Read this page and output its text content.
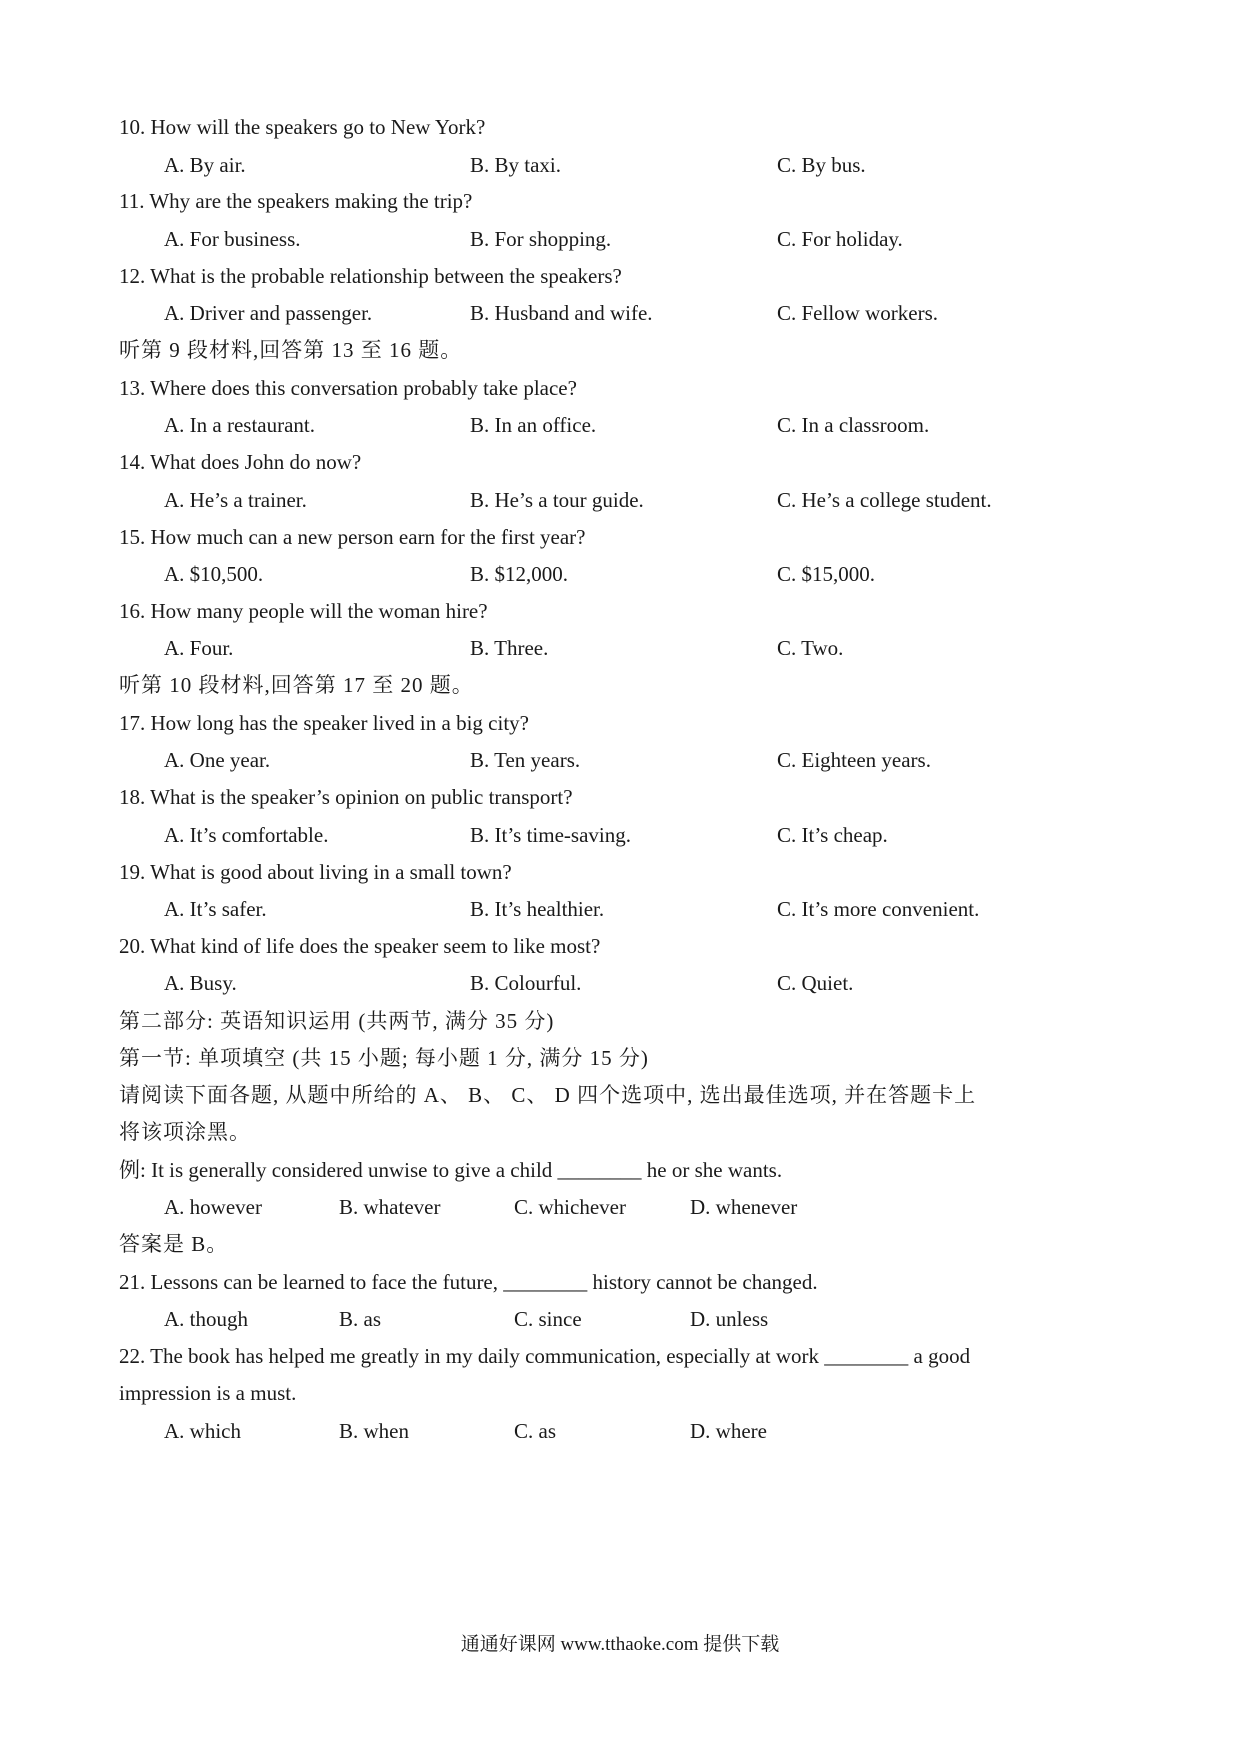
10. How will the speakers go to New York?
A. By air.	B. By taxi.	C. By bus.
11. Why are the speakers making the trip?
A. For business.	B. For shopping.	C. For holiday.
12. What is the probable relationship between the speakers?
A. Driver and passenger.	B. Husband and wife.	C. Fellow workers.
听第 9 段材料,回答第 13 至 16 题。
13. Where does this conversation probably take place?
A. In a restaurant.	B. In an office.	C. In a classroom.
14. What does John do now?
A. He’s a trainer.	B. He’s a tour guide.	C. He’s a college student.
15. How much can a new person earn for the first year?
A. $10,500.	B. $12,000.	C. $15,000.
16. How many people will the woman hire?
A. Four.	B. Three.	C. Two.
听第 10 段材料,回答第 17 至 20 题。
17. How long has the speaker lived in a big city?
A. One year.	B. Ten years.	C. Eighteen years.
18. What is the speaker’s opinion on public transport?
A. It’s comfortable.	B. It’s time-saving.	C. It’s cheap.
19. What is good about living in a small town?
A. It’s safer.	B. It’s healthier.	C. It’s more convenient.
20. What kind of life does the speaker seem to like most?
A. Busy.	B. Colourful.	C. Quiet.
第二部分: 英语知识运用 (共两节, 满分 35 分)
第一节: 单项填空 (共 15 小题; 每小题 1 分, 满分 15 分)
请阅读下面各题, 从题中所给的 A、 B、 C、 D 四个选项中, 选出最佳选项, 并在答题卡上
将该项涂黑。
例: It is generally considered unwise to give a child ________ he or she wants.
A. however	B. whatever	C. whichever	D. whenever
答案是 B。
21. Lessons can be learned to face the future, ________ history cannot be changed.
A. though	B. as	C. since	D. unless
22. The book has helped me greatly in my daily communication, especially at work ________ a good
impression is a must.
A. which	B. when	C. as	D. where
通通好课网 www.tthaoke.com 提供下载
